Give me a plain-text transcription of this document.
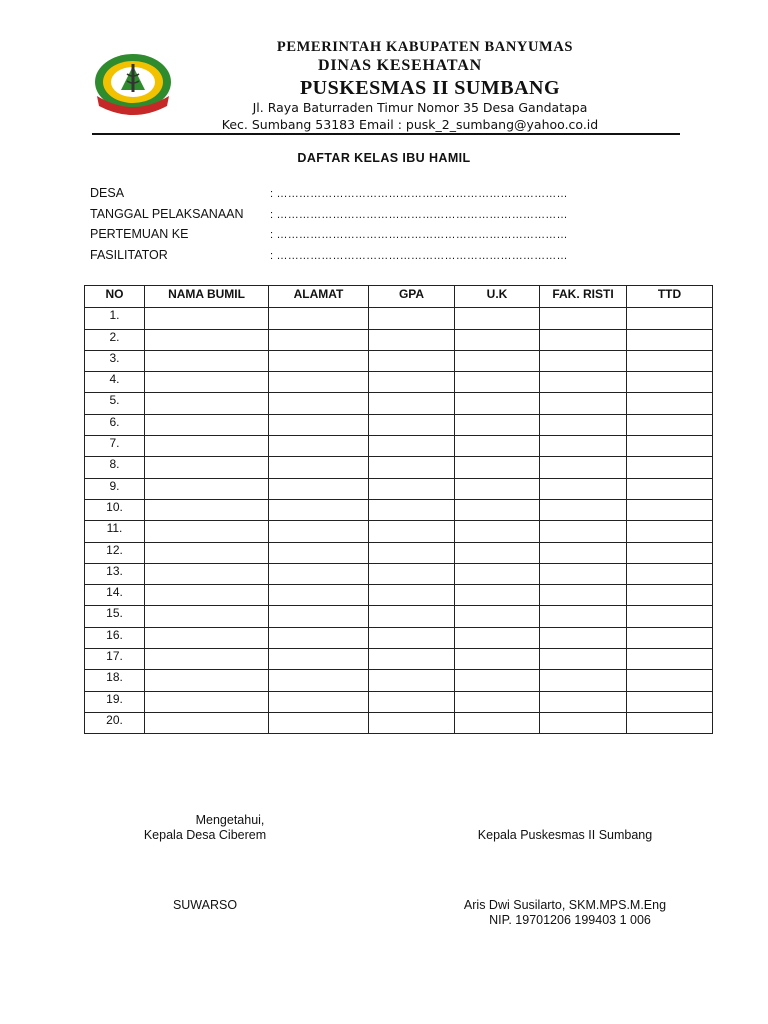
PEMERINTAH KABUPATEN BANYUMAS
DINAS KESEHATAN
PUSKESMAS II SUMBANG
Jl. Raya Baturraden Timur Nomor 35 Desa Gandatapa
Kec. Sumbang 53183 Email : pusk_2_sumbang@yahoo.co.id
DAFTAR KELAS IBU HAMIL
DESA	: ……………………………………………………………………
TANGGAL PELAKSANAAN : ……………………………………………………………………
PERTEMUAN KE	: ……………………………………………………………………
FASILITATOR	: ……………………………………………………………………
NO	NAMA BUMIL	ALAMAT	GPA	U.K	FAK. RISTI	TTD
1.						
2.						
3.						
4.						
5.						
6.						
7.						
8.						
9.						
10.						
11.						
12.						
13.						
14.						
15.						
16.						
17.						
18.						
19.						
20.						
Mengetahui,
Kepala Desa Ciberem
SUWARSO
Kepala Puskesmas II Sumbang
Aris Dwi Susilarto, SKM.MPS.M.Eng
NIP. 19701206 199403 1 006
